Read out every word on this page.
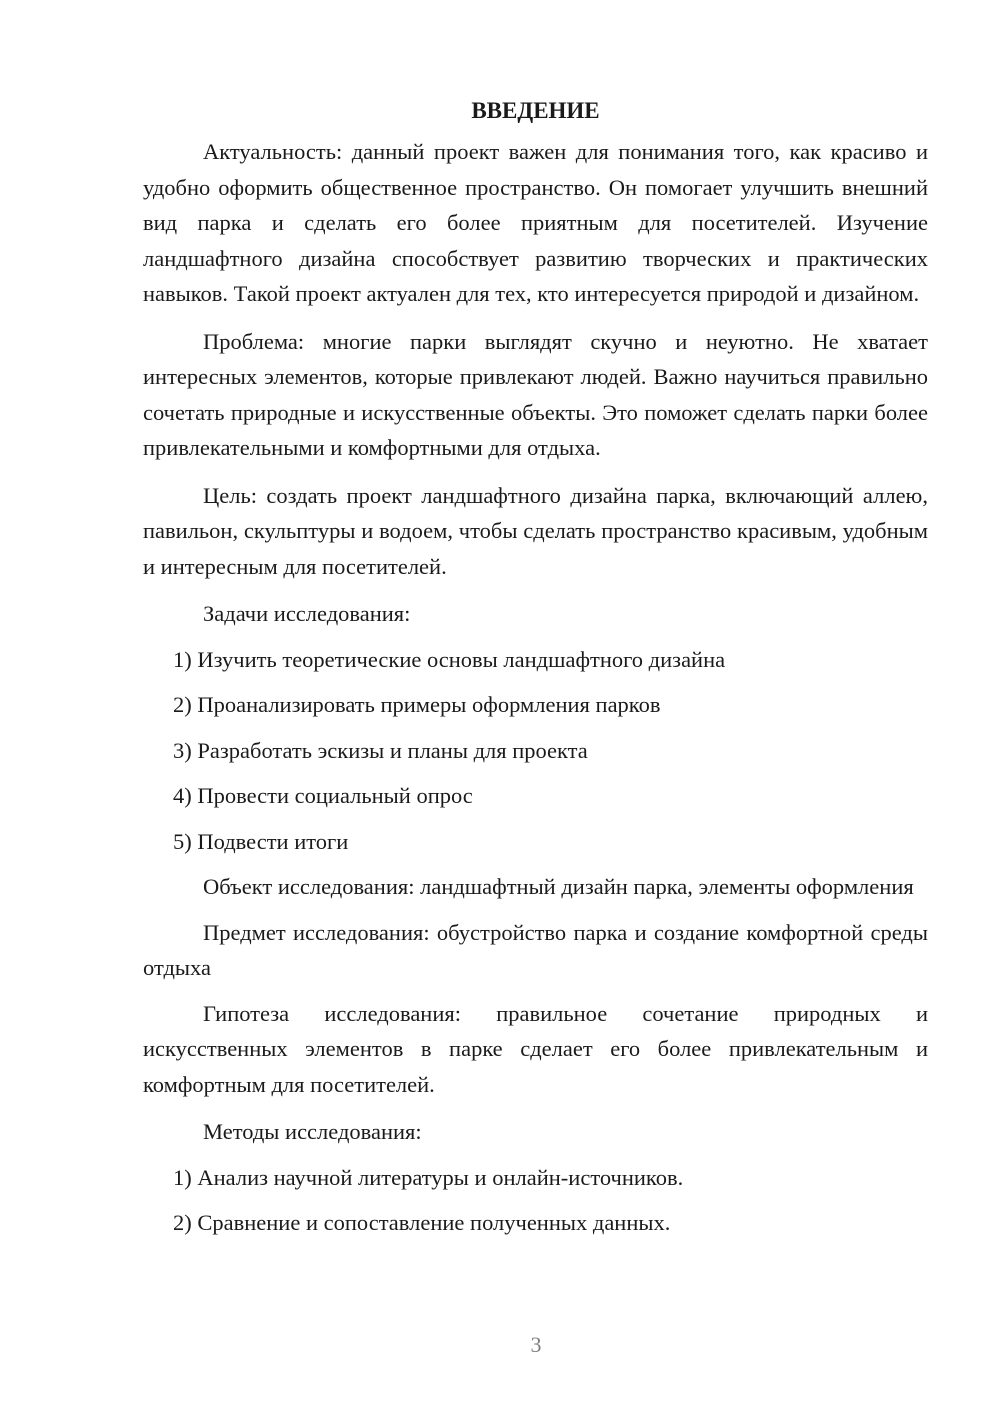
ВВЕДЕНИЕ

Актуальность: данный проект важен для понимания того, как красиво и удобно оформить общественное пространство. Он помогает улучшить внешний вид парка и сделать его более приятным для посетителей. Изучение ландшафтного дизайна способствует развитию творческих и практических навыков. Такой проект актуален для тех, кто интересуется природой и дизайном.

Проблема: многие парки выглядят скучно и неуютно. Не хватает интересных элементов, которые привлекают людей. Важно научиться правильно сочетать природные и искусственные объекты. Это поможет сделать парки более привлекательными и комфортными для отдыха.

Цель: создать проект ландшафтного дизайна парка, включающий аллею, павильон, скульптуры и водоем, чтобы сделать пространство красивым, удобным и интересным для посетителей.

Задачи исследования:

1) Изучить теоретические основы ландшафтного дизайна

2) Проанализировать примеры оформления парков

3) Разработать эскизы и планы для проекта

4) Провести социальный опрос

5) Подвести итоги

Объект исследования: ландшафтный дизайн парка, элементы оформления

Предмет исследования: обустройство парка и создание комфортной среды отдыха

Гипотеза исследования: правильное сочетание природных и искусственных элементов в парке сделает его более привлекательным и комфортным для посетителей.

Методы исследования:

1) Анализ научной литературы и онлайн-источников.

2) Сравнение и сопоставление полученных данных.

3
